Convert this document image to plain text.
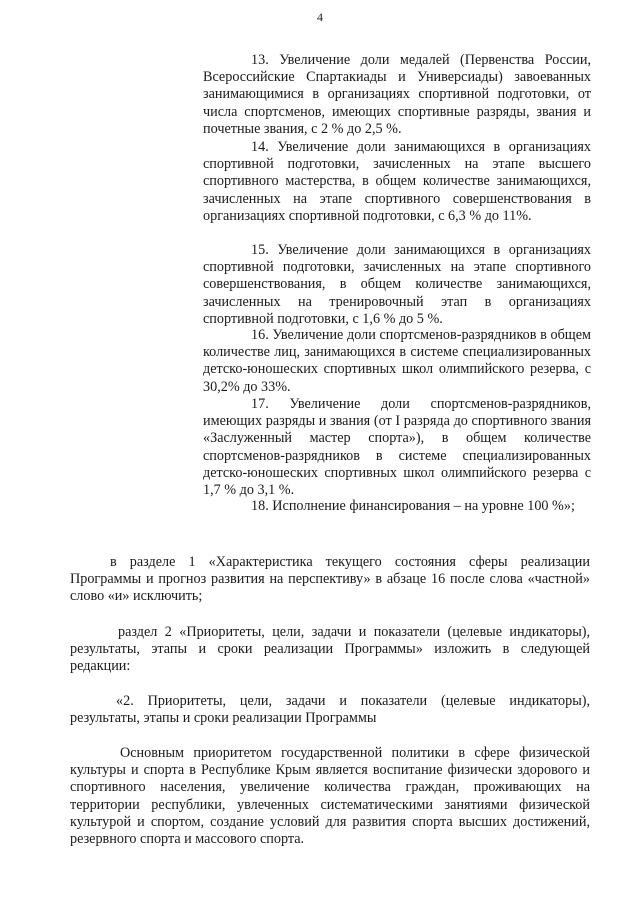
4

13. Увеличение доли медалей (Первенства России, Всероссийские Спартакиады и Универсиады) завоеванных занимающимися в организациях спортивной подготовки, от числа спортсменов, имеющих спортивные разряды, звания и почетные звания, с 2 % до 2,5 %.

14. Увеличение доли занимающихся в организациях спортивной подготовки, зачисленных на этапе высшего спортивного мастерства, в общем количестве занимающихся, зачисленных на этапе спортивного совершенствования в организациях спортивной подготовки, с 6,3 % до 11%.

15. Увеличение доли занимающихся в организациях спортивной подготовки, зачисленных на этапе спортивного совершенствования, в общем количестве занимающихся, зачисленных на тренировочный этап в организациях спортивной подготовки, с 1,6 % до 5 %.

16. Увеличение доли спортсменов-разрядников в общем количестве лиц, занимающихся в системе специализированных детско-юношеских спортивных школ олимпийского резерва, с 30,2% до 33%.

17. Увеличение доли спортсменов-разрядников, имеющих разряды и звания (от I разряда до спортивного звания «Заслуженный мастер спорта»), в общем количестве спортсменов-разрядников в системе специализированных детско-юношеских спортивных школ олимпийского резерва с 1,7 % до 3,1 %.

18. Исполнение финансирования – на уровне 100 %»;

в разделе 1 «Характеристика текущего состояния сферы реализации Программы и прогноз развития на перспективу» в абзаце 16 после слова «частной» слово «и» исключить;

раздел 2 «Приоритеты, цели, задачи и показатели (целевые индикаторы), результаты, этапы и сроки реализации Программы» изложить в следующей редакции:

«2. Приоритеты, цели, задачи и показатели (целевые индикаторы), результаты, этапы и сроки реализации Программы

Основным приоритетом государственной политики в сфере физической культуры и спорта в Республике Крым является воспитание физически здорового и спортивного населения, увеличение количества граждан, проживающих на территории республики, увлеченных систематическими занятиями физической культурой и спортом, создание условий для развития спорта высших достижений, резервного спорта и массового спорта.
